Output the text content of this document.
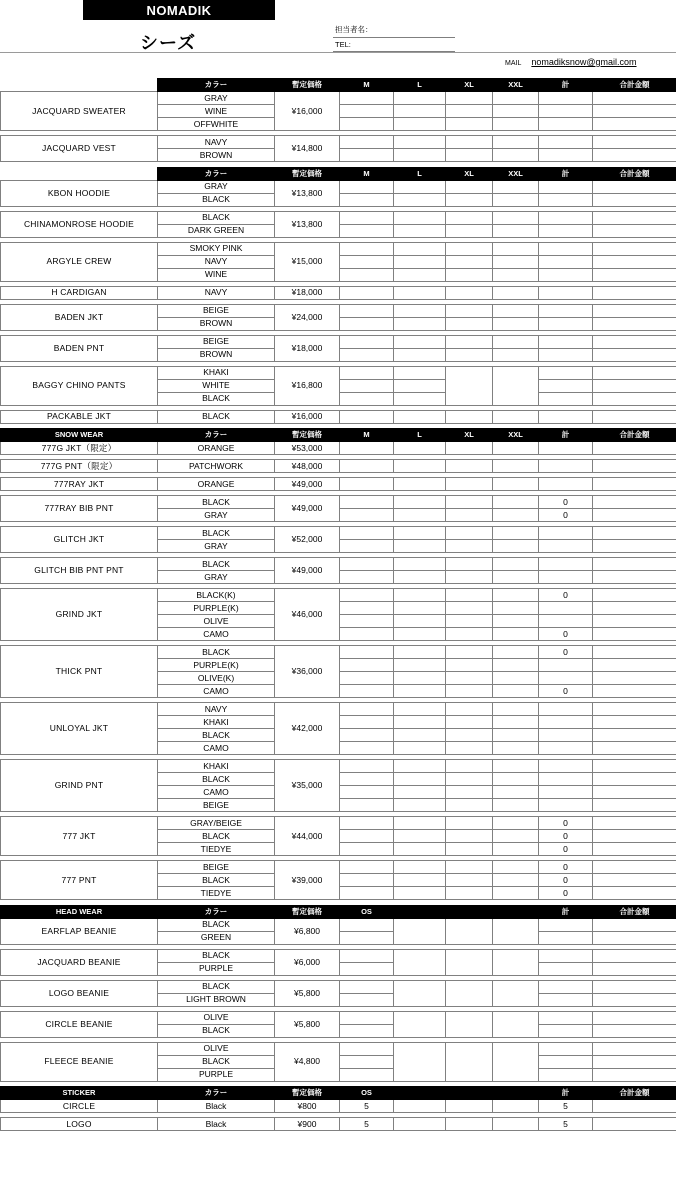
NOMADIK
シーズ
担当者名：
TEL:
MAIL nomadiksnow@gmail.com
	カラー	暫定価格	M	L	XL	XXL	計	合計金額
JACQUARD SWEATER	GRAY	¥16,000						
	WINE							
	OFFWHITE							

JACQUARD VEST	NAVY	¥14,800						
	BROWN							

	カラー	暫定価格	M	L	XL	XXL	計	合計金額
KBON HOODIE	GRAY	¥13,800						
	BLACK							

CHINAMONROSE HOODIE	BLACK	¥13,800						
	DARK GREEN							

ARGYLE CREW	SMOKY PINK	¥15,000						
	NAVY							
	WINE							

H CARDIGAN	NAVY	¥18,000						

BADEN JKT	BEIGE	¥24,000						
	BROWN							

BADEN PNT	BEIGE	¥18,000						
	BROWN							

BAGGY CHINO PANTS	KHAKI	¥16,800						
	WHITE							
	BLACK							

PACKABLE JKT	BLACK	¥16,000						

SNOW WEAR	カラー	暫定価格	M	L	XL	XXL	計	合計金額
777G JKT（限定）	ORANGE	¥53,000						

777G PNT（限定）	PATCHWORK	¥48,000						

777RAY JKT	ORANGE	¥49,000						

777RAY BIB PNT	BLACK	¥49,000					0	
	GRAY						0	

GLITCH JKT	BLACK	¥52,000						
	GRAY							

GLITCH BIB PNT PNT	BLACK	¥49,000						
	GRAY							

GRIND JKT	BLACK(K)	¥46,000					0	
	PURPLE(K)							
	OLIVE							
	CAMO						0	

THICK PNT	BLACK	¥36,000					0	
	PURPLE(K)							
	OLIVE(K)							
	CAMO						0	

UNLOYAL JKT	NAVY	¥42,000						
	KHAKI							
	BLACK							
	CAMO							

GRIND PNT	KHAKI	¥35,000						
	BLACK							
	CAMO							
	BEIGE							

777 JKT	GRAY/BEIGE	¥44,000					0	
	BLACK						0	
	TIEDYE						0	

777 PNT	BEIGE	¥39,000					0	
	BLACK						0	
	TIEDYE						0	

HEAD WEAR	カラー	暫定価格	OS				計	合計金額
EARFLAP BEANIE	BLACK	¥6,800						
	GREEN							

JACQUARD BEANIE	BLACK	¥6,000						
	PURPLE							

LOGO BEANIE	BLACK	¥5,800						
	LIGHT BROWN							

CIRCLE BEANIE	OLIVE	¥5,800						
	BLACK							

FLEECE BEANIE	OLIVE	¥4,800						
	BLACK							
	PURPLE							

STICKER	カラー	暫定価格	OS				計	合計金額
CIRCLE	Black	¥800	5				5	

LOGO	Black	¥900	5				5	
